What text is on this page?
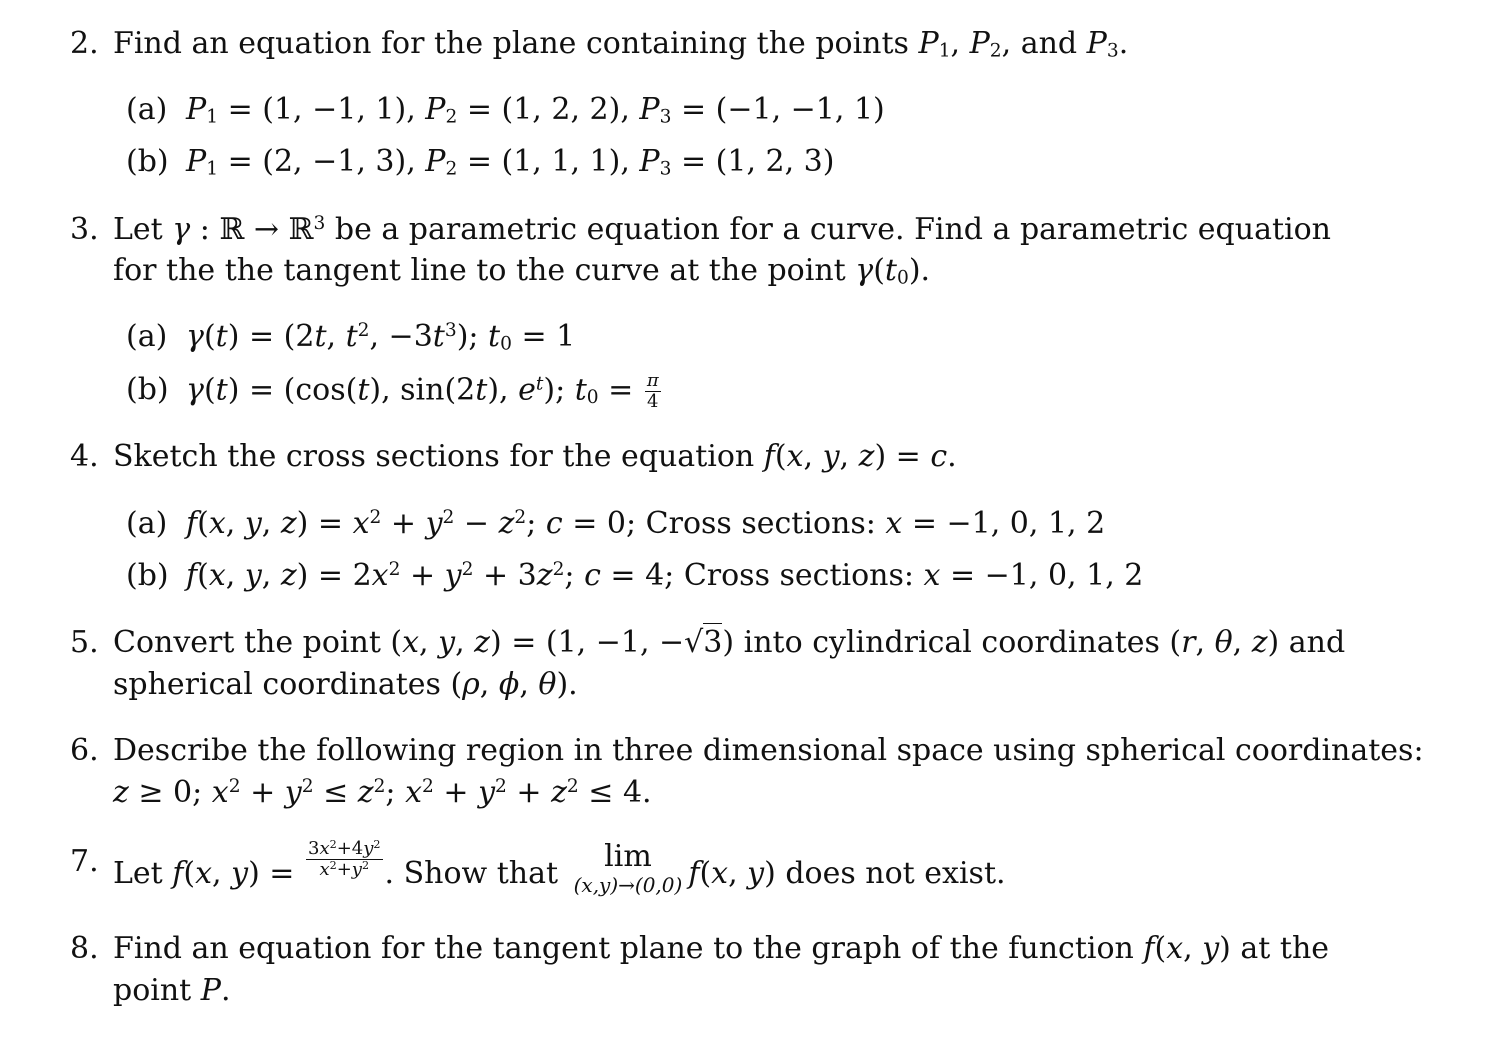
2. Find an equation for the plane containing the points $P_1$, $P_2$, and $P_3$.
(a) $P_1 = (1$, −1, 1), $P_2 = (1$, 2, 2), $P_3 = (-1$, −1, 1)
(b) $P_1 = (2$, −1, 3), $P_2 = (1$, 1, 1), $P_3 = (1$, 2, 3)
3. Let γ : ℝ → ℝ$^3$ be a parametric equation for a curve. Find a parametric equation
for the the tangent line to the curve at the point $\gamma(t_0)$.
(a) γ(t) = (2t, $t^2$, $-3t^3$); $t_0 = 1$
(b) γ(t) = (cos(t), sin(2t), $e^t$); $t_0 = \frac{\pi}{4}$
4. Sketch the cross sections for the equation f(x, y, z) = c.
(a) f(x, y, $z) = x^2 + y^2 - z^2$; c = 0; Cross sections: x = −1, 0, 1, 2
(b) f(x, y, $z) = 2x^2 + y^2 + 3z^2$; c = 4; Cross sections: x = −1, 0, 1, 2
5. Convert the point (x, y, z) = (1, −1, −√3) into cylindrical coordinates (r, θ, z) and
spherical coordinates (ρ, ϕ, θ).
6. Describe the following region in three dimensional space using spherical coordinates:
z ≥ 0; $x^2 + y^2 \le z^2$; $x^2 + y^2 + z^2 \le 4$.
7. Let f(x, $y) = \frac{3x^2+4y^2}{x^2+y^2}$ . Show that	lim
(x,y)→(0,0) f(x, y) does not exist.
8. Find an equation for the tangent plane to the graph of the function f(x, y) at the
point P.
